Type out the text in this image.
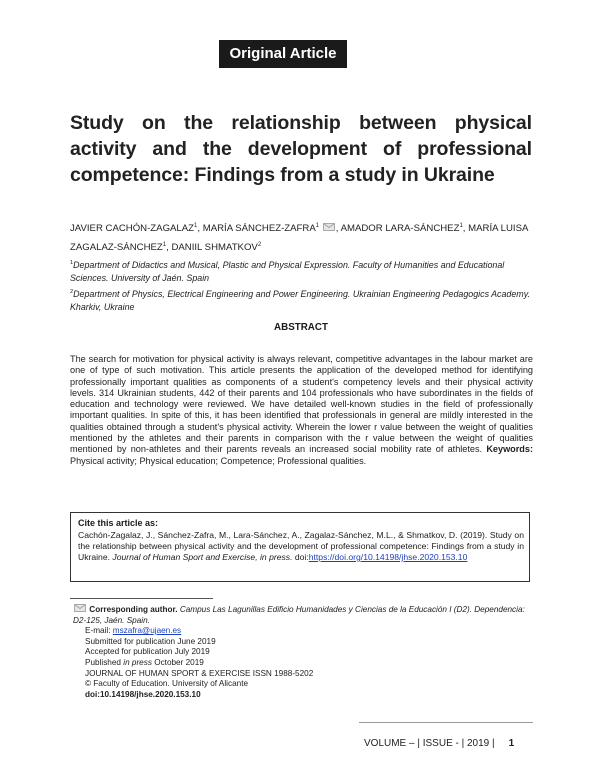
Original Article
Study on the relationship between physical activity and the development of professional competence: Findings from a study in Ukraine
JAVIER CACHÓN-ZAGALAZ$^1$, MARÍA SÁNCHEZ-ZAFRA$^1$ , AMADOR LARA-SÁNCHEZ$^1$, MARÍA LUISA ZAGALAZ-SÁNCHEZ$^1$, DANIIL SHMATKOV$^2$
$^1$Department of Didactics and Musical, Plastic and Physical Expression. Faculty of Humanities and Educational Sciences. University of Jaén. Spain
$^2$Department of Physics, Electrical Engineering and Power Engineering. Ukrainian Engineering Pedagogics Academy. Kharkiv, Ukraine
ABSTRACT
The search for motivation for physical activity is always relevant, competitive advantages in the labour market are one of type of such motivation. This article presents the application of the developed method for identifying professionally important qualities as components of a student's competency levels and their physical activity levels. 314 Ukrainian students, 442 of their parents and 104 professionals who have subordinates in the fields of education and technology were reviewed. We have detailed well-known studies in the field of professionally important qualities. In spite of this, it has been identified that professionals in general are mildly interested in the qualities obtained through a student's physical activity. Wherein the lower r value between the weight of qualities mentioned by the athletes and their parents in comparison with the r value between the weight of qualities mentioned by non-athletes and their parents reveals an increased social mobility rate of athletes. Keywords: Physical activity; Physical education; Competence; Professional qualities.
Cite this article as:
Cachón-Zagalaz, J., Sánchez-Zafra, M., Lara-Sánchez, A., Zagalaz-Sánchez, M.L., & Shmatkov, D. (2019). Study on the relationship between physical activity and the development of professional competence: Findings from a study in Ukraine. Journal of Human Sport and Exercise, in press. doi:https://doi.org/10.14198/jhse.2020.153.10
Corresponding author. Campus Las Lagunillas Edificio Humanidades y Ciencias de la Educación I (D2). Dependencia: D2-125, Jaén. Spain.
E-mail: mszafra@ujaen.es
Submitted for publication June 2019
Accepted for publication July 2019
Published in press October 2019
JOURNAL OF HUMAN SPORT & EXERCISE ISSN 1988-5202
© Faculty of Education. University of Alicante
doi:10.14198/jhse.2020.153.10
VOLUME – | ISSUE - | 2019 | 1
